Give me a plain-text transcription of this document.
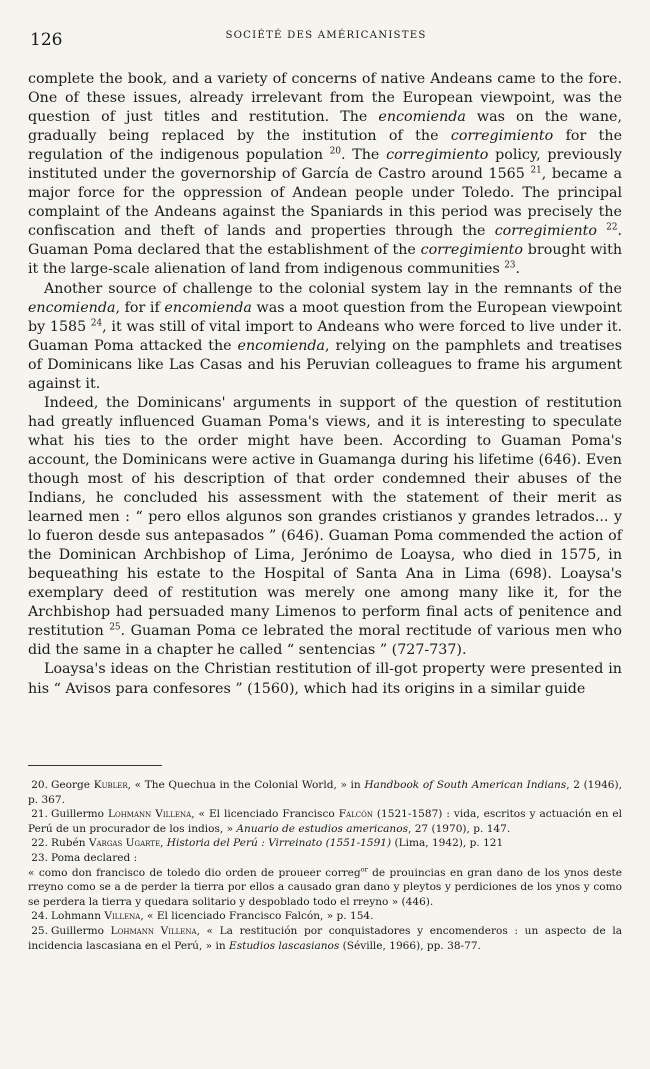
126	SOCIÉTÉ DES AMÉRICANISTES

complete the book, and a variety of concerns of native Andeans came to the fore. One of these issues, already irrelevant from the European viewpoint, was the question of just titles and restitution. The encomienda was on the wane, gradually being replaced by the institution of the corregimiento for the regulation of the indigenous population $^{20}$. The corregimiento policy, previously instituted under the governorship of García de Castro around 1565 $^{21}$, became a major force for the oppression of Andean people under Toledo. The principal complaint of the Andeans against the Spaniards in this period was precisely the confiscation and theft of lands and properties through the corregimiento $^{22}$. Guaman Poma declared that the establishment of the corregimiento brought with it the large-scale alienation of land from indigenous communities $^{23}$.

Another source of challenge to the colonial system lay in the remnants of the encomienda, for if encomienda was a moot question from the European viewpoint by 1585 $^{24}$, it was still of vital import to Andeans who were forced to live under it. Guaman Poma attacked the encomienda, relying on the pamphlets and treatises of Dominicans like Las Casas and his Peruvian colleagues to frame his argument against it.

Indeed, the Dominicans' arguments in support of the question of restitution had greatly influenced Guaman Poma's views, and it is interesting to speculate what his ties to the order might have been. According to Guaman Poma's account, the Dominicans were active in Guamanga during his lifetime (646). Even though most of his description of that order condemned their abuses of the Indians, he concluded his assessment with the statement of their merit as learned men : “ pero ellos algunos son grandes cristianos y grandes letrados... y lo fueron desde sus antepasados ” (646). Guaman Poma commended the action of the Dominican Archbishop of Lima, Jerónimo de Loaysa, who died in 1575, in bequeathing his estate to the Hospital of Santa Ana in Lima (698). Loaysa's exemplary deed of restitution was merely one among many like it, for the Archbishop had persuaded many Limenos to perform final acts of penitence and restitution $^{25}$. Guaman Poma ce lebrated the moral rectitude of various men who did the same in a chapter he called “ sentencias ” (727-737).

Loaysa's ideas on the Christian restitution of ill-got property were presented in his “ Avisos para confesores ” (1560), which had its origins in a similar guide

20. George Kubler, « The Quechua in the Colonial World, » in Handbook of South American Indians, 2 (1946), p. 367.

21. Guillermo Lohmann Villena, « El licenciado Francisco Falcón (1521-1587) : vida, escritos y actuación en el Perú de un procurador de los indios, » Anuario de estudios americanos, 27 (1970), p. 147.

22. Rubén Vargas Ugarte, Historia del Perú : Virreinato (1551-1591) (Lima, 1942), p. 121

23. Poma declared :

« como don francisco de toledo dio orden de proueer correg$^{or}$ de prouincias en gran dano de los ynos deste rreyno como se a de perder la tierra por ellos a causado gran dano y pleytos y perdiciones de los ynos y como se perdera la tierra y quedara solitario y despoblado todo el rreyno » (446).

24. Lohmann Villena, « El licenciado Francisco Falcón, » p. 154.

25. Guillermo Lohmann Villena, « La restitución por conquistadores y encomenderos : un aspecto de la incidencia lascasiana en el Perú, » in Estudios lascasianos (Séville, 1966), pp. 38-77.
